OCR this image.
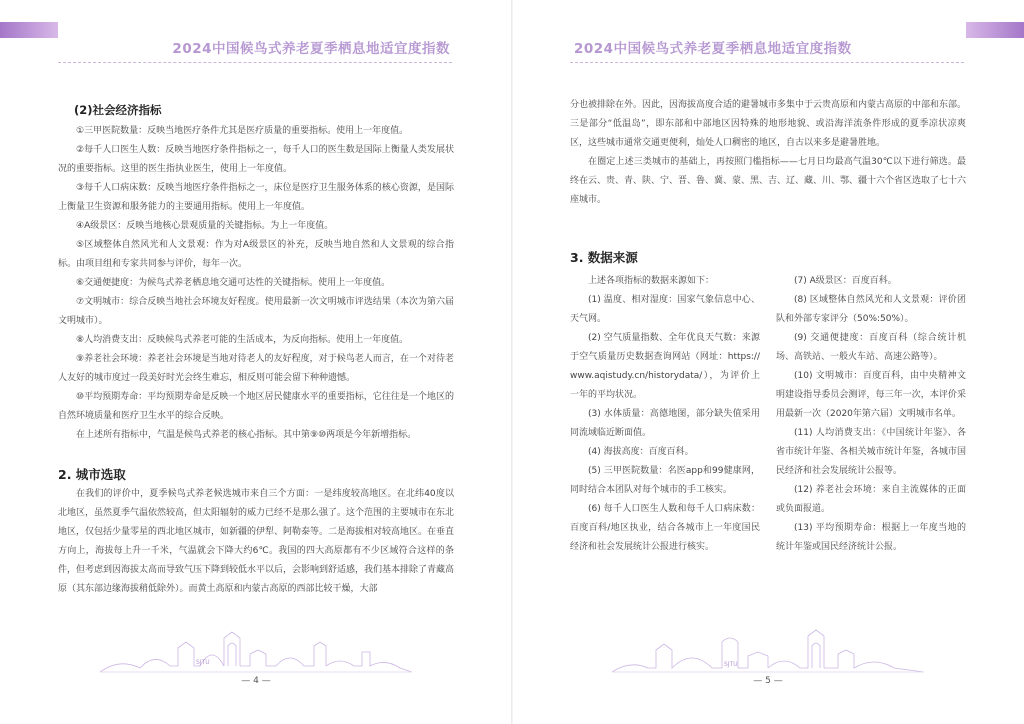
2024中国候鸟式养老夏季栖息地适宜度指数
(2)社会经济指标

①三甲医院数量：反映当地医疗条件尤其是医疗质量的重要指标。使用上一年度值。

②每千人口医生人数：反映当地医疗条件指标之一，每千人口的医生数是国际上衡量人类发展状况的重要指标。这里的医生指执业医生，使用上一年度值。

③每千人口病床数：反映当地医疗条件指标之一，床位是医疗卫生服务体系的核心资源，是国际上衡量卫生资源和服务能力的主要通用指标。使用上一年度值。

④A级景区：反映当地核心景观质量的关键指标。为上一年度值。

⑤区域整体自然风光和人文景观：作为对A级景区的补充，反映当地自然和人文景观的综合指标。由项目组和专家共同参与评价，每年一次。

⑥交通便捷度：为候鸟式养老栖息地交通可达性的关键指标。使用上一年度值。

⑦文明城市：综合反映当地社会环境友好程度。使用最新一次文明城市评选结果（本次为第六届文明城市）。

⑧人均消费支出：反映候鸟式养老可能的生活成本，为反向指标。使用上一年度值。

⑨养老社会环境：养老社会环境是当地对待老人的友好程度，对于候鸟老人而言，在一个对待老人友好的城市度过一段美好时光会终生难忘，相反则可能会留下种种遗憾。

⑩平均预期寿命：平均预期寿命是反映一个地区居民健康水平的重要指标，它往往是一个地区的自然环境质量和医疗卫生水平的综合反映。

在上述所有指标中，气温是候鸟式养老的核心指标。其中第⑨⑩两项是今年新增指标。

2. 城市选取

在我们的评价中，夏季候鸟式养老候选城市来自三个方面：一是纬度较高地区。在北纬40度以北地区，虽然夏季气温依然较高，但太阳辐射的威力已经不是那么强了。这个范围的主要城市在东北地区，仅包括少量零星的西北地区城市，如新疆的伊犁、阿勒泰等。二是海拔相对较高地区。在垂直方向上，海拔每上升一千米，气温就会下降大约6℃。我国的四大高原都有不少区域符合这样的条件，但考虑到因海拔太高而导致气压下降到较低水平以后，会影响到舒适感，我们基本排除了青藏高原（其东部边缘海拔稍低除外）。而黄土高原和内蒙古高原的西部比较干燥，大部

SJTU
— 4 —
2024中国候鸟式养老夏季栖息地适宜度指数

分也被排除在外。因此，因海拔高度合适的避暑城市多集中于云贵高原和内蒙古高原的中部和东部。三是部分“低温岛”，即东部和中部地区因特殊的地形地貌、或沿海洋流条件形成的夏季凉状凉爽区，这些城市通常交通更便利，灿处人口稠密的地区，自古以来多是避暑胜地。

在圈定上述三类城市的基础上，再按照门槛指标——七月日均最高气温30℃以下进行筛选。最终在云、贵、青、陕、宁、晋、鲁、冀、蒙、黑、吉、辽、藏、川、鄂、疆十六个省区选取了七十六座城市。

3. 数据来源

上述各项指标的数据来源如下：

(1) 温度、相对湿度：国家气象信息中心、天气网。

(2) 空气质量指数、全年优良天气数：来源于空气质量历史数据查询网站（网址：https://www.aqistudy.cn/historydata/），为评价上一年的平均状况。

(3) 水体质量：高德地图，部分缺失值采用同流域临近断面值。

(4) 海拔高度：百度百科。

(5) 三甲医院数量：名医app和99健康网，同时结合本团队对每个城市的手工核实。

(6) 每千人口医生人数和每千人口病床数：百度百科/地区执业，结合各城市上一年度国民经济和社会发展统计公报进行核实。

(7) A级景区：百度百科。

(8) 区域整体自然风光和人文景观：评价团队和外部专家评分（50%:50%）。

(9) 交通便捷度：百度百科（综合统计机场、高铁站、一般火车站、高速公路等）。

(10) 文明城市：百度百科，由中央精神文明建设指导委员会测评，每三年一次，本评价采用最新一次（2020年第六届）文明城市名单。

(11) 人均消费支出：《中国统计年鉴》、各省市统计年鉴、各相关城市统计年鉴，各城市国民经济和社会发展统计公报等。

(12) 养老社会环境：来自主流媒体的正面或负面报道。

(13) 平均预期寿命：根据上一年度当地的统计年鉴或国民经济统计公报。

SJTU
— 5 —
